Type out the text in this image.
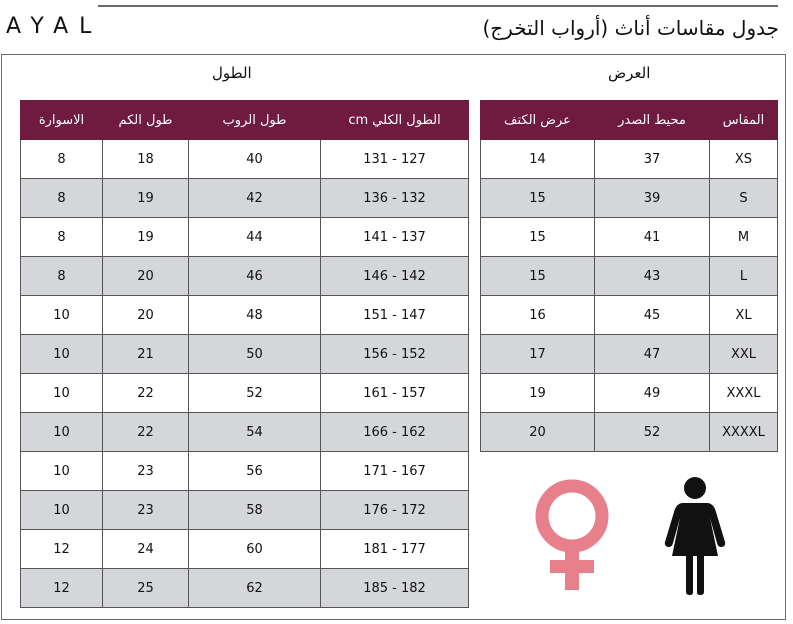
AYAL	جدول مقاسات أناث (أرواب التخرج)
العرض
الطول
المقاس	محيط الصدر	عرض الكتف
XS	37	14
S	39	15
M	41	15
L	43	15
XL	45	16
XXL	47	17
XXXL	49	19
XXXXL	52	20
الطول الكلي cm	طول الروب	طول الكم	الاسوارة
127 - 131	40	18	8
132 - 136	42	19	8
137 - 141	44	19	8
142 - 146	46	20	8
147 - 151	48	20	10
152 - 156	50	21	10
157 - 161	52	22	10
162 - 166	54	22	10
167 - 171	56	23	10
172 - 176	58	23	10
177 - 181	60	24	12
182 - 185	62	25	12
